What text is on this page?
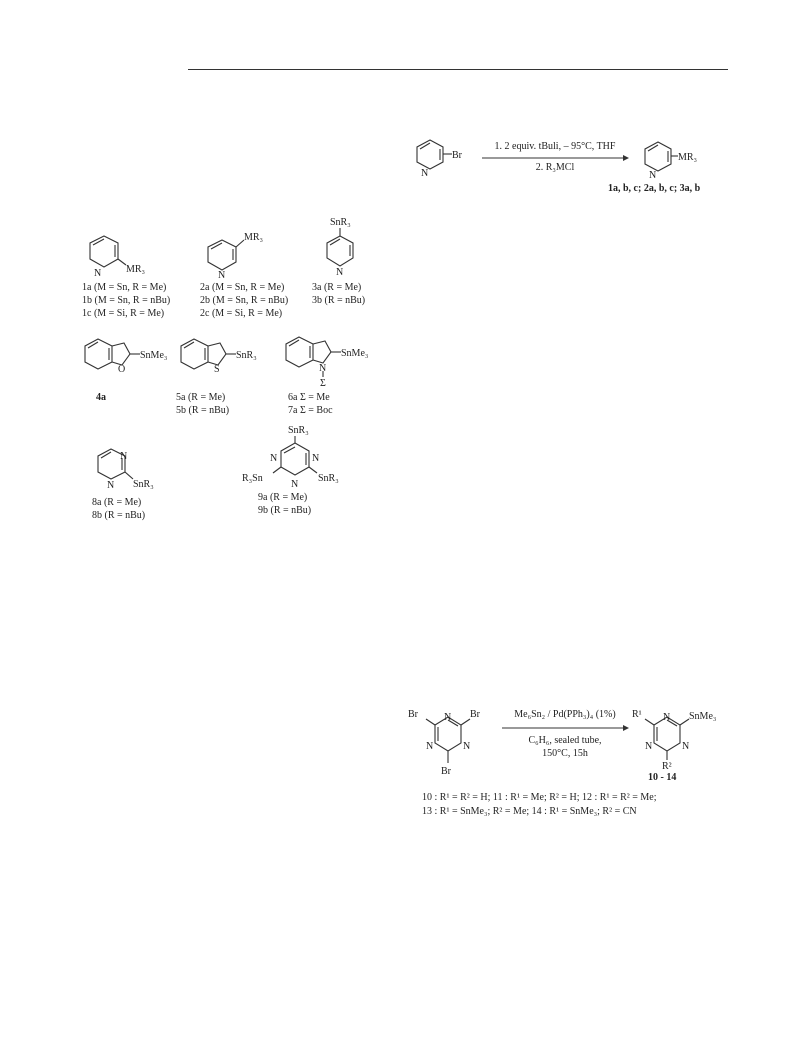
N
Br
1. 2 equiv. tBuli, – 95°C, THF
2. R₃MCl
N
MR₃
1a, b, c; 2a, b, c; 3a, b
N MR₃
1a (M = Sn, R = Me)
1b (M = Sn, R = nBu)
1c (M = Si, R = Me)
N
MR₃
2a (M = Sn, R = Me)
2b (M = Sn, R = nBu)
2c (M = Si, R = Me)
SnR₃
N
3a (R = Me)
3b (R = nBu)
O
SnMe₃
4a
S
SnR₃
5a (R = Me)
5b (R = nBu)
N
Σ
SnMe₃
6a Σ = Me
7a Σ = Boc
N
N SnR₃
8a (R = Me)
8b (R = nBu)
SnR₃
N	N
N
R₃Sn	SnR₃
9a (R = Me)
9b (R = nBu)
Br	Br
Br
N
N	N
Me₆Sn₂ / Pd(PPh₃)₄ (1%)
C₆H₆, sealed tube,
150°C, 15h
R¹	SnMe₃
R²
N
N	N
10 - 14
10 : R¹ = R² = H; 11 : R¹ = Me; R² = H; 12 : R¹ = R² = Me;
13 : R¹ = SnMe₃; R² = Me; 14 : R¹ = SnMe₃; R² = CN
